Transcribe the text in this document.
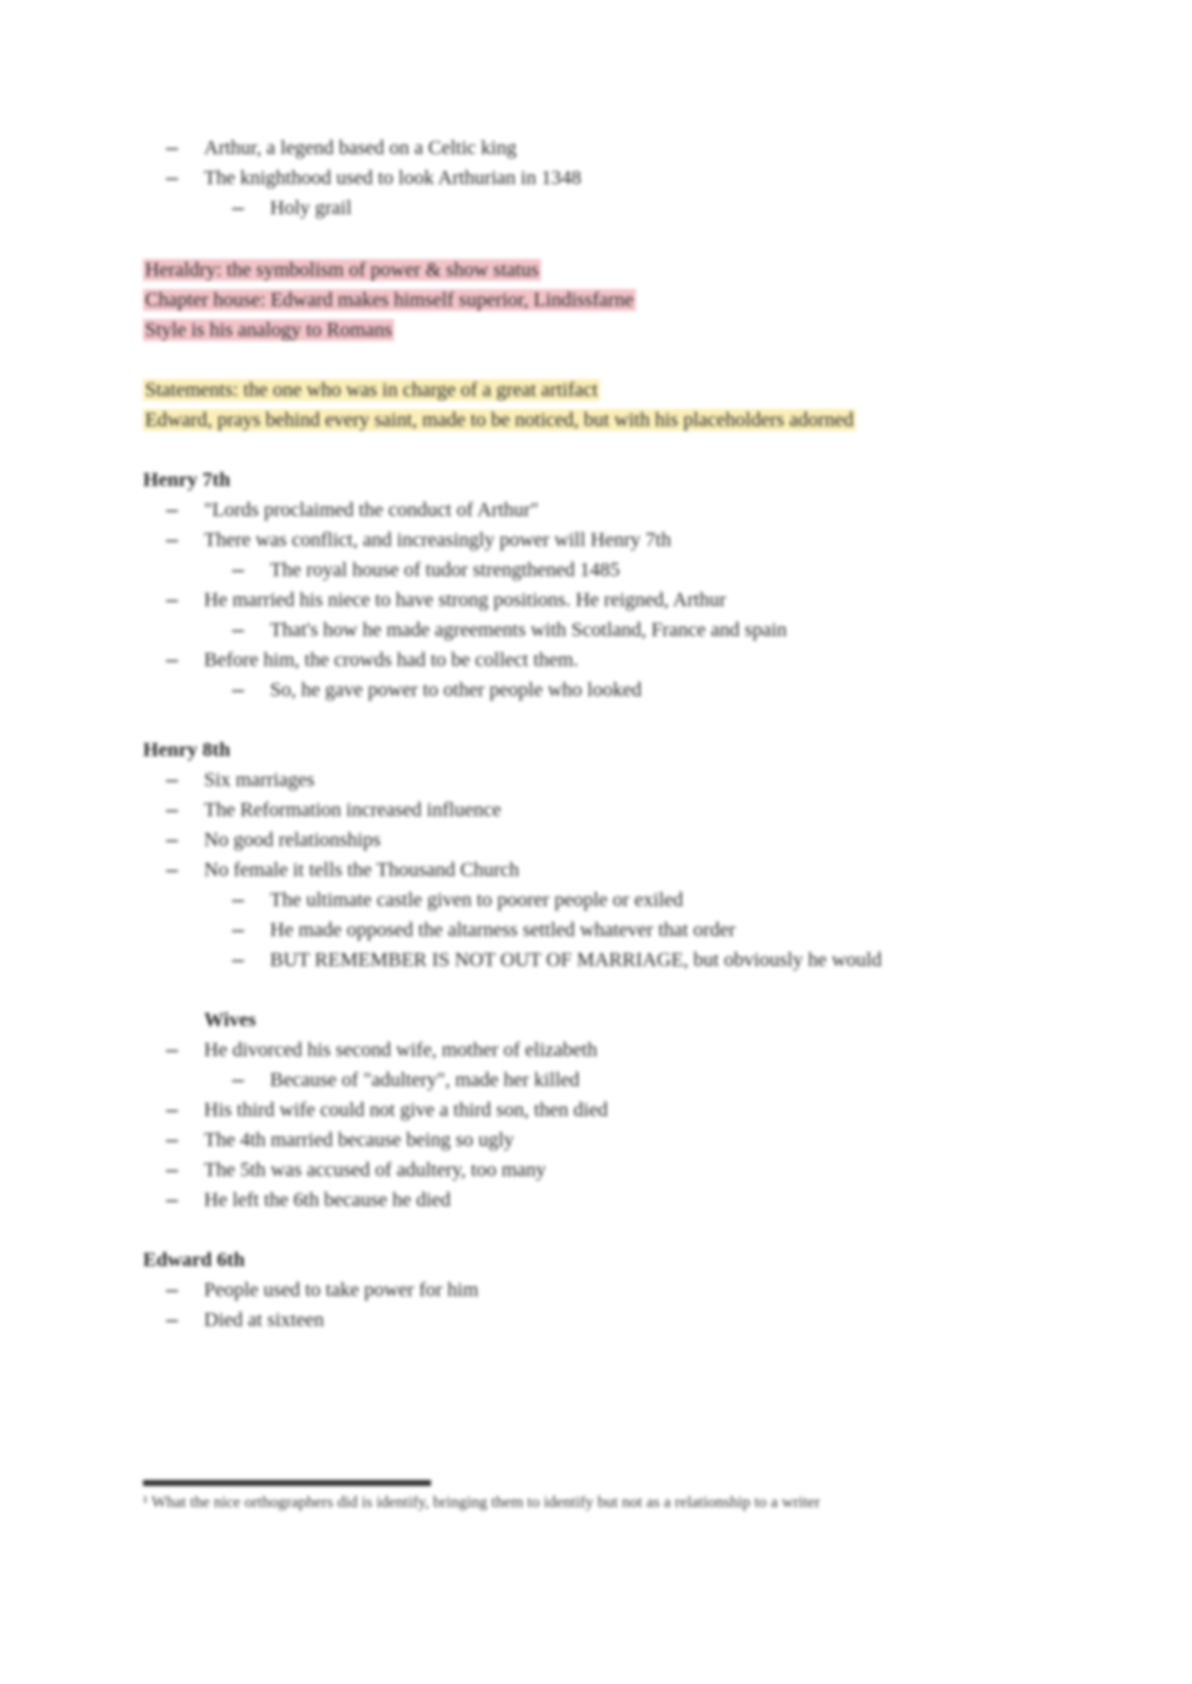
Arthur, a legend based on a Celtic king
The knighthood used to look Arthurian in 1348
Holy grail
Heraldry: the symbolism of power & show status
Chapter house: Edward makes himself superior, Lindissfarne
Style is his analogy to Romans
Statements: the one who was in charge of a great artifact
Edward, prays behind every saint, made to be noticed, but with his placeholders adorned
Henry 7th
"Lords proclaimed the conduct of Arthur"
There was conflict, and increasingly power will Henry 7th
The royal house of tudor strengthened 1485
He married his niece to have strong positions. He reigned, Arthur
That's how he made agreements with Scotland, France and spain
Before him, the crowds had to be collect them.
So, he gave power to other people who looked
Henry 8th
Six marriages
The Reformation increased influence
No good relationships
No female it tells the Thousand Church
The ultimate castle given to poorer people or exiled
He made opposed the altarness settled whatever that order
BUT REMEMBER IS NOT OUT OF MARRIAGE, but obviously he would
Wives
He divorced his second wife, mother of elizabeth
Because of "adultery", made her killed
His third wife could not give a third son, then died
The 4th married because being so ugly
The 5th was accused of adultery, too many
He left the 6th because he died
Edward 6th
People used to take power for him
Died at sixteen
¹ What the nice orthographers did is identify, bringing them to identify but not as a relationship to a writer
